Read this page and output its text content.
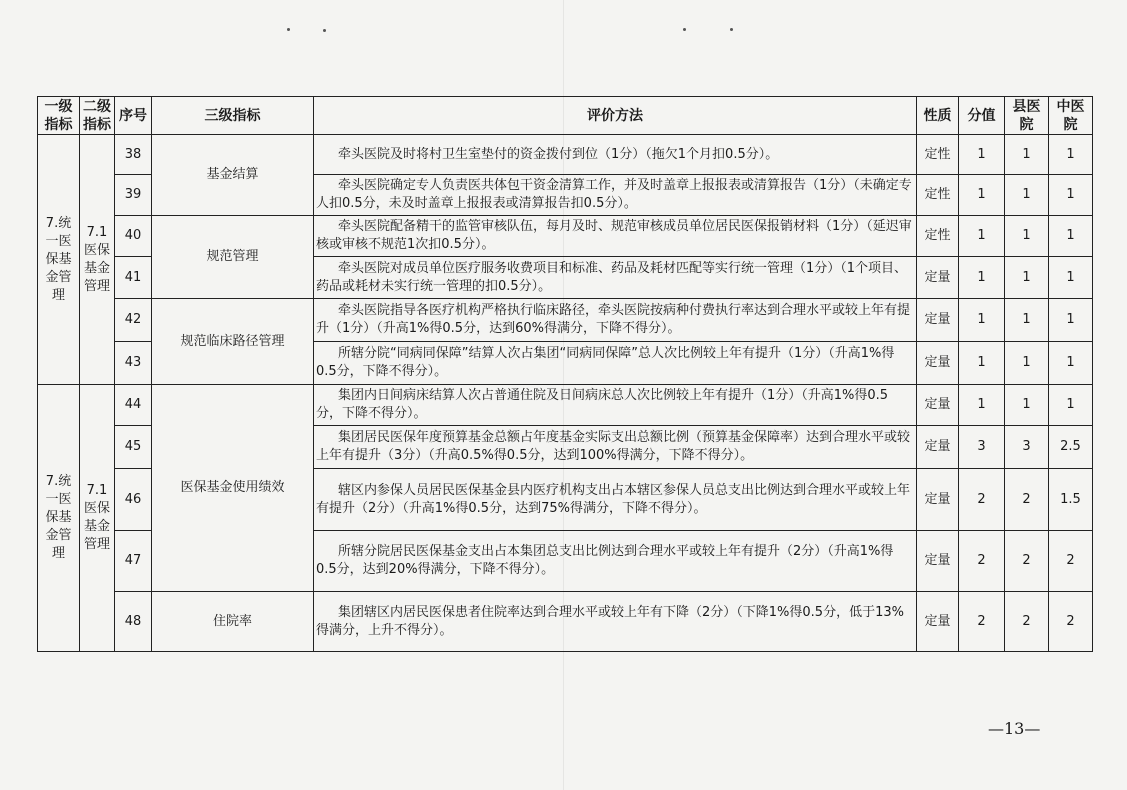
一级指标	二级指标	序号	三级指标	评价方法	性质	分值	县医院	中医院
7.统一医保基金管理	7.1医保基金管理	38	基金结算	牵头医院及时将村卫生室垫付的资金拨付到位（1分）（拖欠1个月扣0.5分）。	定性	1	1	1
		39		牵头医院确定专人负责医共体包干资金清算工作，并及时盖章上报报表或清算报告（1分）（未确定专人扣0.5分，未及时盖章上报报表或清算报告扣0.5分）。	定性	1	1	1
		40	规范管理	牵头医院配备精干的监管审核队伍，每月及时、规范审核成员单位居民医保报销材料（1分）（延迟审核或审核不规范1次扣0.5分）。	定性	1	1	1
		41		牵头医院对成员单位医疗服务收费项目和标准、药品及耗材匹配等实行统一管理（1分）（1个项目、药品或耗材未实行统一管理的扣0.5分）。	定量	1	1	1
		42	规范临床路径管理	牵头医院指导各医疗机构严格执行临床路径，牵头医院按病种付费执行率达到合理水平或较上年有提升（1分）（升高1%得0.5分，达到60%得满分，下降不得分）。	定量	1	1	1
		43		所辖分院“同病同保障”结算人次占集团“同病同保障”总人次比例较上年有提升（1分）（升高1%得0.5分，下降不得分）。	定量	1	1	1
7.统一医保基金管理	7.1医保基金管理	44	医保基金使用绩效	集团内日间病床结算人次占普通住院及日间病床总人次比例较上年有提升（1分）（升高1%得0.5分，下降不得分）。	定量	1	1	1
		45		集团居民医保年度预算基金总额占年度基金实际支出总额比例（预算基金保障率）达到合理水平或较上年有提升（3分）（升高0.5%得0.5分，达到100%得满分，下降不得分）。	定量	3	3	2.5
		46		辖区内参保人员居民医保基金县内医疗机构支出占本辖区参保人员总支出比例达到合理水平或较上年有提升（2分）（升高1%得0.5分，达到75%得满分，下降不得分）。	定量	2	2	1.5
		47		所辖分院居民医保基金支出占本集团总支出比例达到合理水平或较上年有提升（2分）（升高1%得0.5分，达到20%得满分，下降不得分）。	定量	2	2	2
		48	住院率	集团辖区内居民医保患者住院率达到合理水平或较上年有下降（2分）（下降1%得0.5分，低于13%得满分，上升不得分）。	定量	2	2	2
—13—
